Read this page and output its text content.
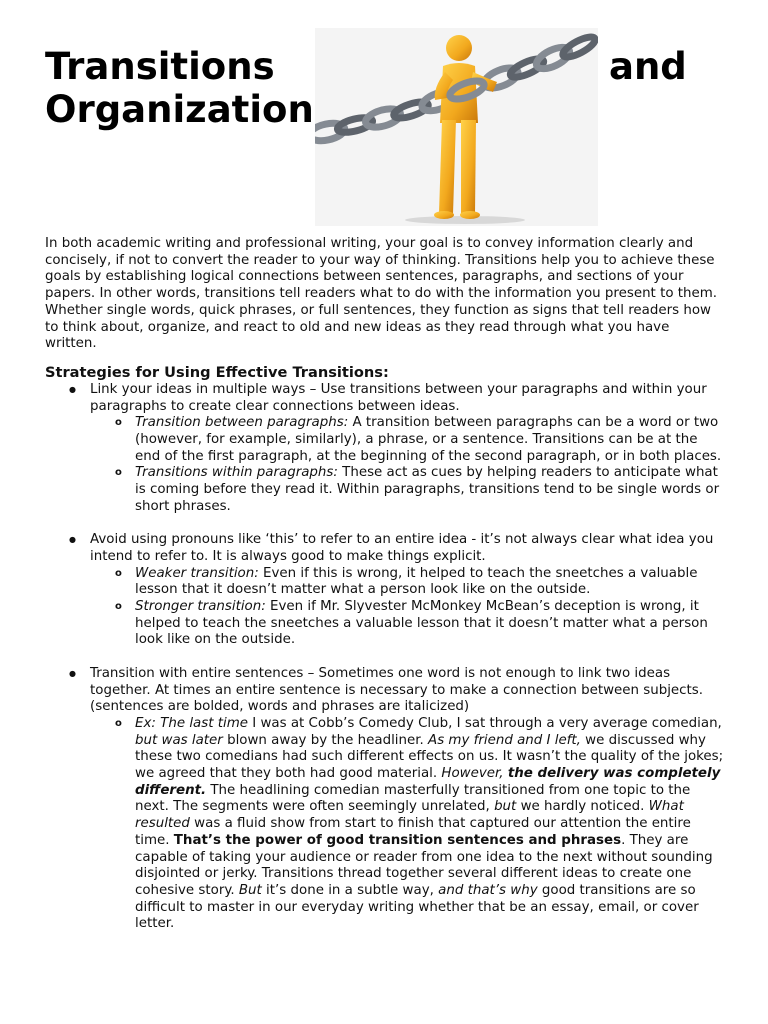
Transitions
Organization
and

In both academic writing and professional writing, your goal is to convey information clearly and concisely, if not to convert the reader to your way of thinking. Transitions help you to achieve these goals by establishing logical connections between sentences, paragraphs, and sections of your papers. In other words, transitions tell readers what to do with the information you present to them. Whether single words, quick phrases, or full sentences, they function as signs that tell readers how to think about, organize, and react to old and new ideas as they read through what you have written.

Strategies for Using Effective Transitions:

● Link your ideas in multiple ways – Use transitions between your paragraphs and within your paragraphs to create clear connections between ideas.
o Transition between paragraphs: A transition between paragraphs can be a word or two (however, for example, similarly), a phrase, or a sentence. Transitions can be at the end of the first paragraph, at the beginning of the second paragraph, or in both places.
o Transitions within paragraphs: These act as cues by helping readers to anticipate what is coming before they read it. Within paragraphs, transitions tend to be single words or short phrases.
● Avoid using pronouns like ‘this’ to refer to an entire idea - it’s not always clear what idea you intend to refer to. It is always good to make things explicit.
o Weaker transition: Even if this is wrong, it helped to teach the sneetches a valuable lesson that it doesn’t matter what a person look like on the outside.
o Stronger transition: Even if Mr. Slyvester McMonkey McBean’s deception is wrong, it helped to teach the sneetches a valuable lesson that it doesn’t matter what a person look like on the outside.
● Transition with entire sentences – Sometimes one word is not enough to link two ideas together. At times an entire sentence is necessary to make a connection between subjects. (sentences are bolded, words and phrases are italicized)
o Ex: The last time I was at Cobb’s Comedy Club, I sat through a very average comedian, but was later blown away by the headliner. As my friend and I left, we discussed why these two comedians had such different effects on us. It wasn’t the quality of the jokes; we agreed that they both had good material. However, the delivery was completely different. The headlining comedian masterfully transitioned from one topic to the next. The segments were often seemingly unrelated, but we hardly noticed. What resulted was a fluid show from start to finish that captured our attention the entire time. That’s the power of good transition sentences and phrases. They are capable of taking your audience or reader from one idea to the next without sounding disjointed or jerky. Transitions thread together several different ideas to create one cohesive story. But it’s done in a subtle way, and that’s why good transitions are so difficult to master in our everyday writing whether that be an essay, email, or cover letter.
